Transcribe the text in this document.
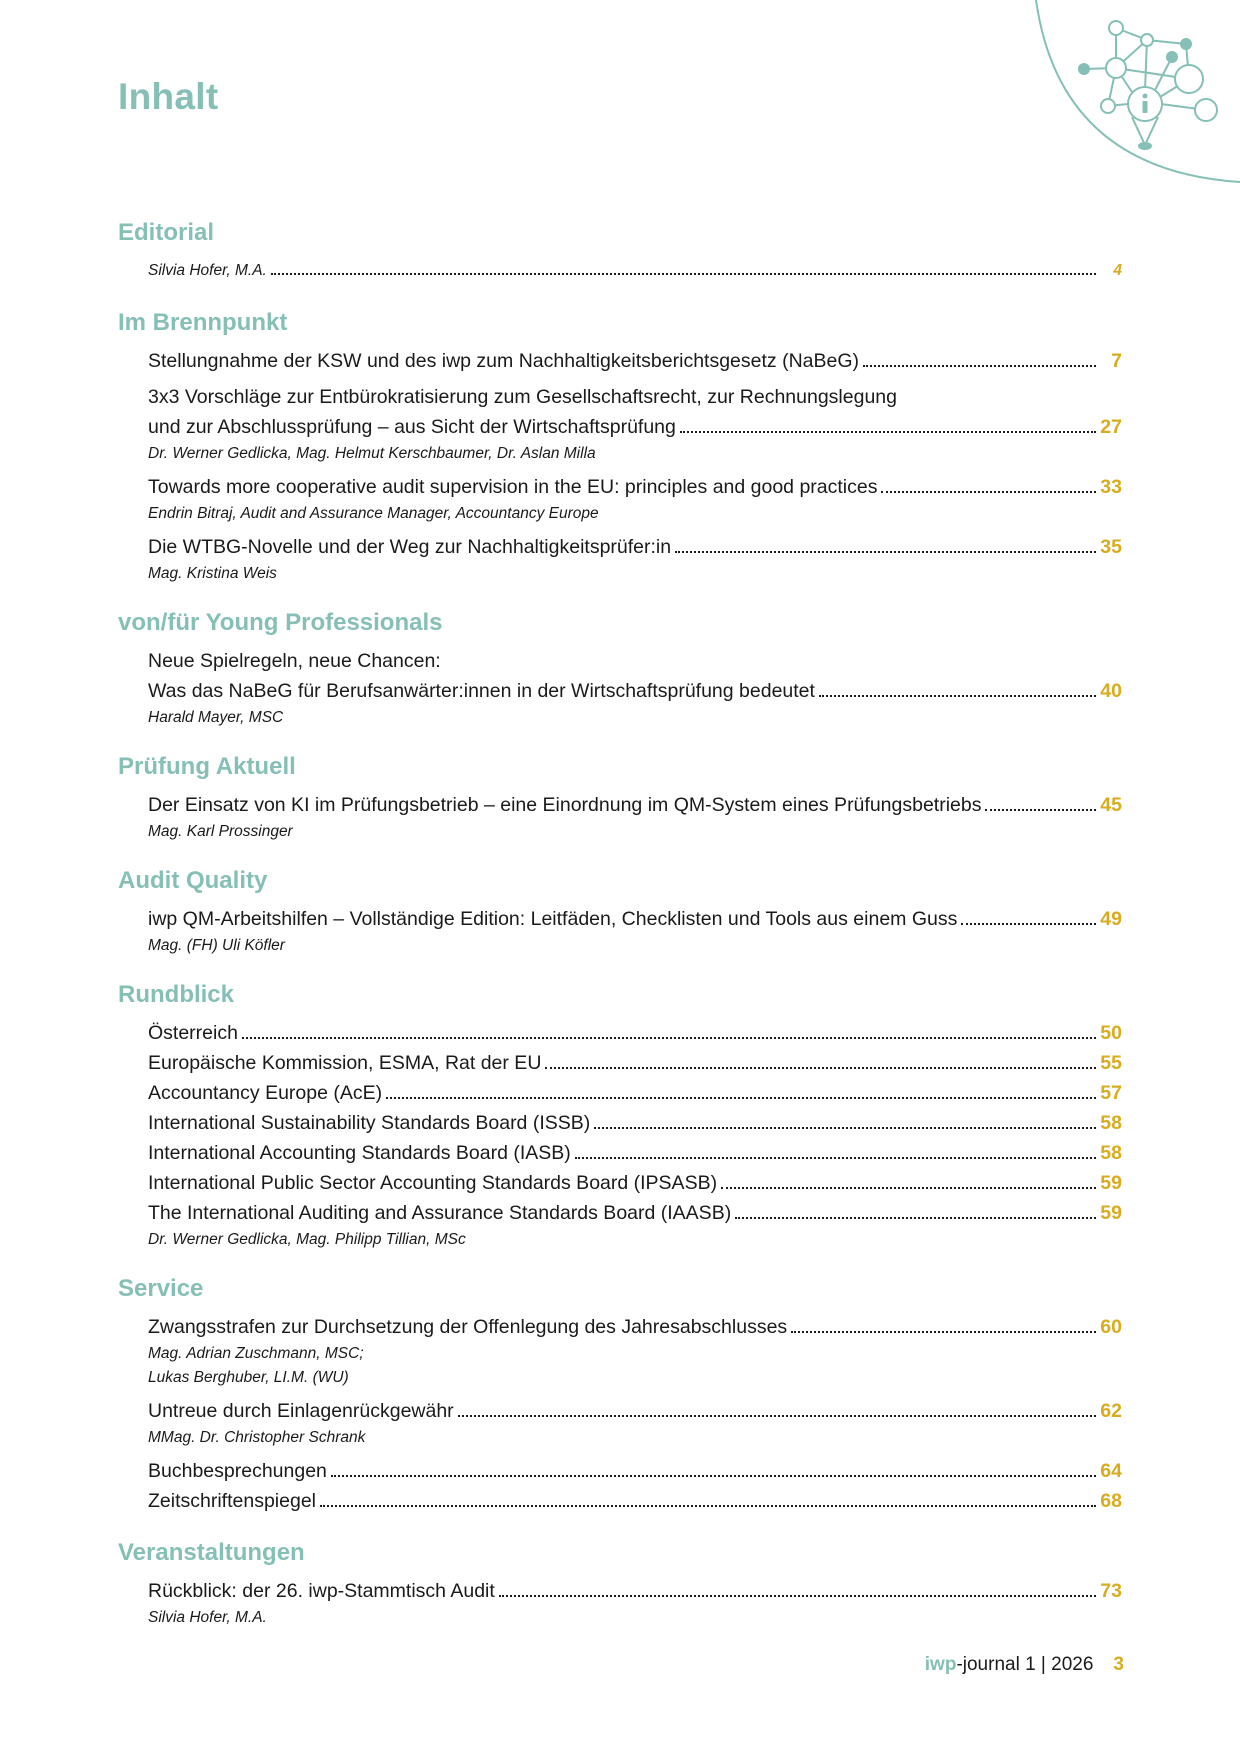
Inhalt
Editorial
Silvia Hofer, M.A.	4
Im Brennpunkt
Stellungnahme der KSW und des iwp zum Nachhaltigkeitsberichtsgesetz (NaBeG)	7
3x3 Vorschläge zur Entbürokratisierung zum Gesellschaftsrecht, zur Rechnungslegung
und zur Abschlussprüfung – aus Sicht der Wirtschaftsprüfung	27
Dr. Werner Gedlicka, Mag. Helmut Kerschbaumer, Dr. Aslan Milla
Towards more cooperative audit supervision in the EU: principles and good practices	33
Endrin Bitraj, Audit and Assurance Manager, Accountancy Europe
Die WTBG-Novelle und der Weg zur Nachhaltigkeitsprüfer:in	35
Mag. Kristina Weis
von/für Young Professionals
Neue Spielregeln, neue Chancen:
Was das NaBeG für Berufsanwärter:innen in der Wirtschaftsprüfung bedeutet	40
Harald Mayer, MSC
Prüfung Aktuell
Der Einsatz von KI im Prüfungsbetrieb – eine Einordnung im QM-System eines Prüfungsbetriebs	45
Mag. Karl Prossinger
Audit Quality
iwp QM-Arbeitshilfen – Vollständige Edition: Leitfäden, Checklisten und Tools aus einem Guss	49
Mag. (FH) Uli Köfler
Rundblick
Österreich	50
Europäische Kommission, ESMA, Rat der EU	55
Accountancy Europe (AcE)	57
International Sustainability Standards Board (ISSB)	58
International Accounting Standards Board (IASB)	58
International Public Sector Accounting Standards Board (IPSASB)	59
The International Auditing and Assurance Standards Board (IAASB)	59
Dr. Werner Gedlicka, Mag. Philipp Tillian, MSc
Service
Zwangsstrafen zur Durchsetzung der Offenlegung des Jahresabschlusses	60
Mag. Adrian Zuschmann, MSC;
Lukas Berghuber, LI.M. (WU)
Untreue durch Einlagenrückgewähr	62
MMag. Dr. Christopher Schrank
Buchbesprechungen	64
Zeitschriftenspiegel	68
Veranstaltungen
Rückblick: der 26. iwp-Stammtisch Audit	73
Silvia Hofer, M.A.
iwp -journal 1 | 2026 3
